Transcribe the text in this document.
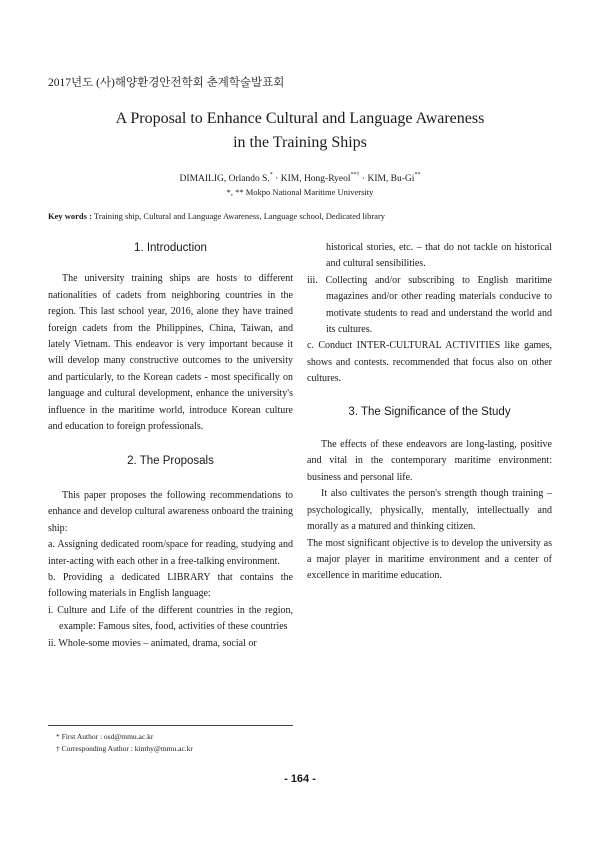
2017년도 (사)해양환경안전학회 춘계학술발표회
A Proposal to Enhance Cultural and Language Awareness
in the Training Ships
DIMAILIG, Orlando S.* · KIM, Hong-Ryeol**† · KIM, Bu-Gi**
*, ** Mokpo National Maritime University
Key words : Training ship, Cultural and Language Awareness, Language school, Dedicated library

1. Introduction

The university training ships are hosts to different nationalities of cadets from neighboring countries in the region. This last school year, 2016, alone they have trained foreign cadets from the Philippines, China, Taiwan, and lately Vietnam. This endeavor is very important because it will develop many constructive outcomes to the university and particularly, to the Korean cadets - most specifically on language and cultural development, enhance the university's influence in the maritime world, introduce Korean culture and education to foreign professionals.

2. The Proposals

This paper proposes the following recommendations to enhance and develop cultural awareness onboard the training ship:

a. Assigning dedicated room/space for reading, studying and inter-acting with each other in a free-talking environment.

b. Providing a dedicated LIBRARY that contains the following materials in English language:

i. Culture and Life of the different countries in the region, example: Famous sites, food, activities of these countries

ii. Whole-some movies – animated, drama, social or

historical stories, etc. – that do not tackle on historical and cultural sensibilities.

iii. Collecting and/or subscribing to English maritime magazines and/or other reading materials conducive to motivate students to read and understand the world and its cultures.

c. Conduct INTER-CULTURAL ACTIVITIES like games, shows and contests. recommended that focus also on other cultures.

3. The Significance of the Study

The effects of these endeavors are long-lasting, positive and vital in the contemporary maritime environment: business and personal life.

It also cultivates the person's strength though training – psychologically, physically, mentally, intellectually and morally as a matured and thinking citizen.

The most significant objective is to develop the university as a major player in maritime environment and a center of excellence in maritime education.

* First Author : osd@mmu.ac.kr
† Corresponding Author : kimhy@mmu.ac.kr
- 164 -
